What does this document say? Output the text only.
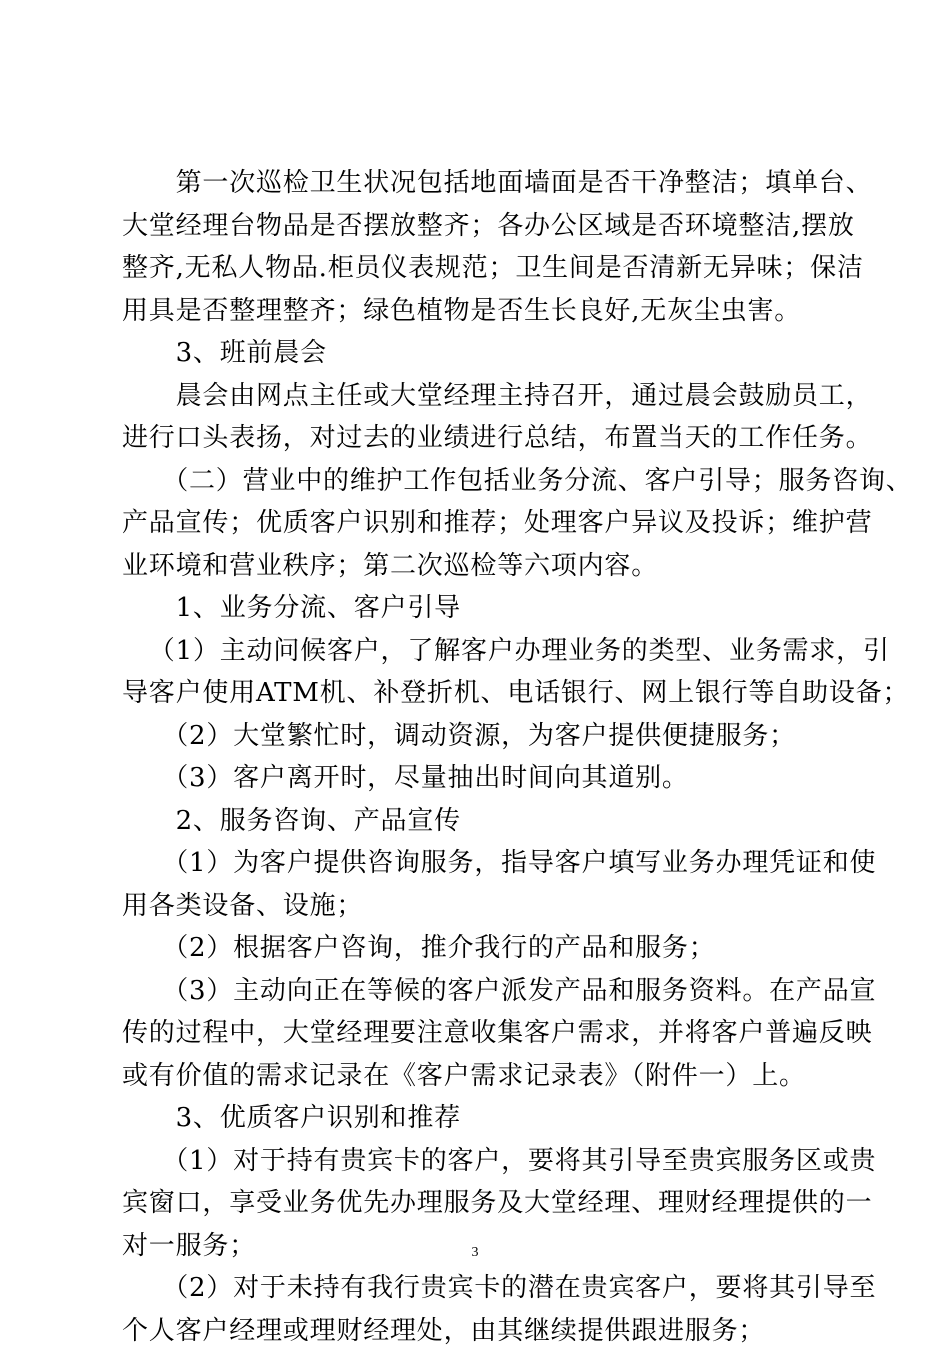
第一次巡检卫生状况包括地面墙面是否干净整洁；填单台、
大堂经理台物品是否摆放整齐；各办公区域是否环境整洁,摆放
整齐,无私人物品.柜员仪表规范；卫生间是否清新无异味；保洁
用具是否整理整齐；绿色植物是否生长良好,无灰尘虫害。
3、班前晨会
晨会由网点主任或大堂经理主持召开，通过晨会鼓励员工，
进行口头表扬，对过去的业绩进行总结，布置当天的工作任务。
（二）营业中的维护工作包括业务分流、客户引导；服务咨询、
产品宣传；优质客户识别和推荐；处理客户异议及投诉；维护营
业环境和营业秩序；第二次巡检等六项内容。
1、业务分流、客户引导
（1）主动问候客户，了解客户办理业务的类型、业务需求，引
导客户使用ATM机、补登折机、电话银行、网上银行等自助设备；
（2）大堂繁忙时，调动资源，为客户提供便捷服务；
（3）客户离开时，尽量抽出时间向其道别。
2、服务咨询、产品宣传
（1）为客户提供咨询服务，指导客户填写业务办理凭证和使
用各类设备、设施；
（2）根据客户咨询，推介我行的产品和服务；
（3）主动向正在等候的客户派发产品和服务资料。在产品宣
传的过程中，大堂经理要注意收集客户需求，并将客户普遍反映
或有价值的需求记录在《客户需求记录表》（附件一）上。
3、优质客户识别和推荐
（1）对于持有贵宾卡的客户，要将其引导至贵宾服务区或贵
宾窗口，享受业务优先办理服务及大堂经理、理财经理提供的一
对一服务；
（2）对于未持有我行贵宾卡的潜在贵宾客户，要将其引导至
个人客户经理或理财经理处，由其继续提供跟进服务；
3
